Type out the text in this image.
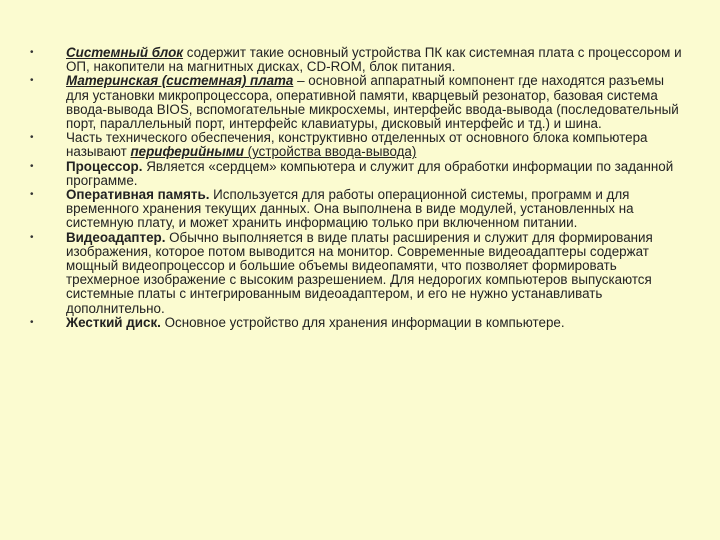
•	Системный блок содержит такие основный устройства ПК как системная плата с процессором и ОП, накопители на магнитных дисках, CD-ROM, блок питания.
•	Материнская (системная) плата – основной аппаратный компонент где находятся разъемы для установки микропроцессора, оперативной памяти, кварцевый резонатор, базовая система ввода-вывода BIOS, вспомогательные микросхемы, интерфейс ввода-вывода (последовательный порт, параллельный порт, интерфейс клавиатуры, дисковый интерфейс и тд.) и шина.
•	Часть технического обеспечения, конструктивно отделенных от основного блока компьютера называют периферийными (устройства ввода-вывода)
•	Процессор. Является «сердцем» компьютера и служит для обработки информации по заданной программе.
•	Оперативная память. Используется для работы операционной системы, программ и для временного хранения текущих данных. Она выполнена в виде модулей, установленных на системную плату, и может хранить информацию только при включенном питании.
•	Видеоадаптер. Обычно выполняется в виде платы расширения и служит для формирования изображения, которое потом выводится на монитор. Современные видеоадаптеры содержат мощный видеопроцессор и большие объемы видеопамяти, что позволяет формировать трехмерное изображение с высоким разрешением. Для недорогих компьютеров выпускаются системные платы с интегрированным видеоадаптером, и его не нужно устанавливать дополнительно.
•	Жесткий диск. Основное устройство для хранения информации в компьютере.
